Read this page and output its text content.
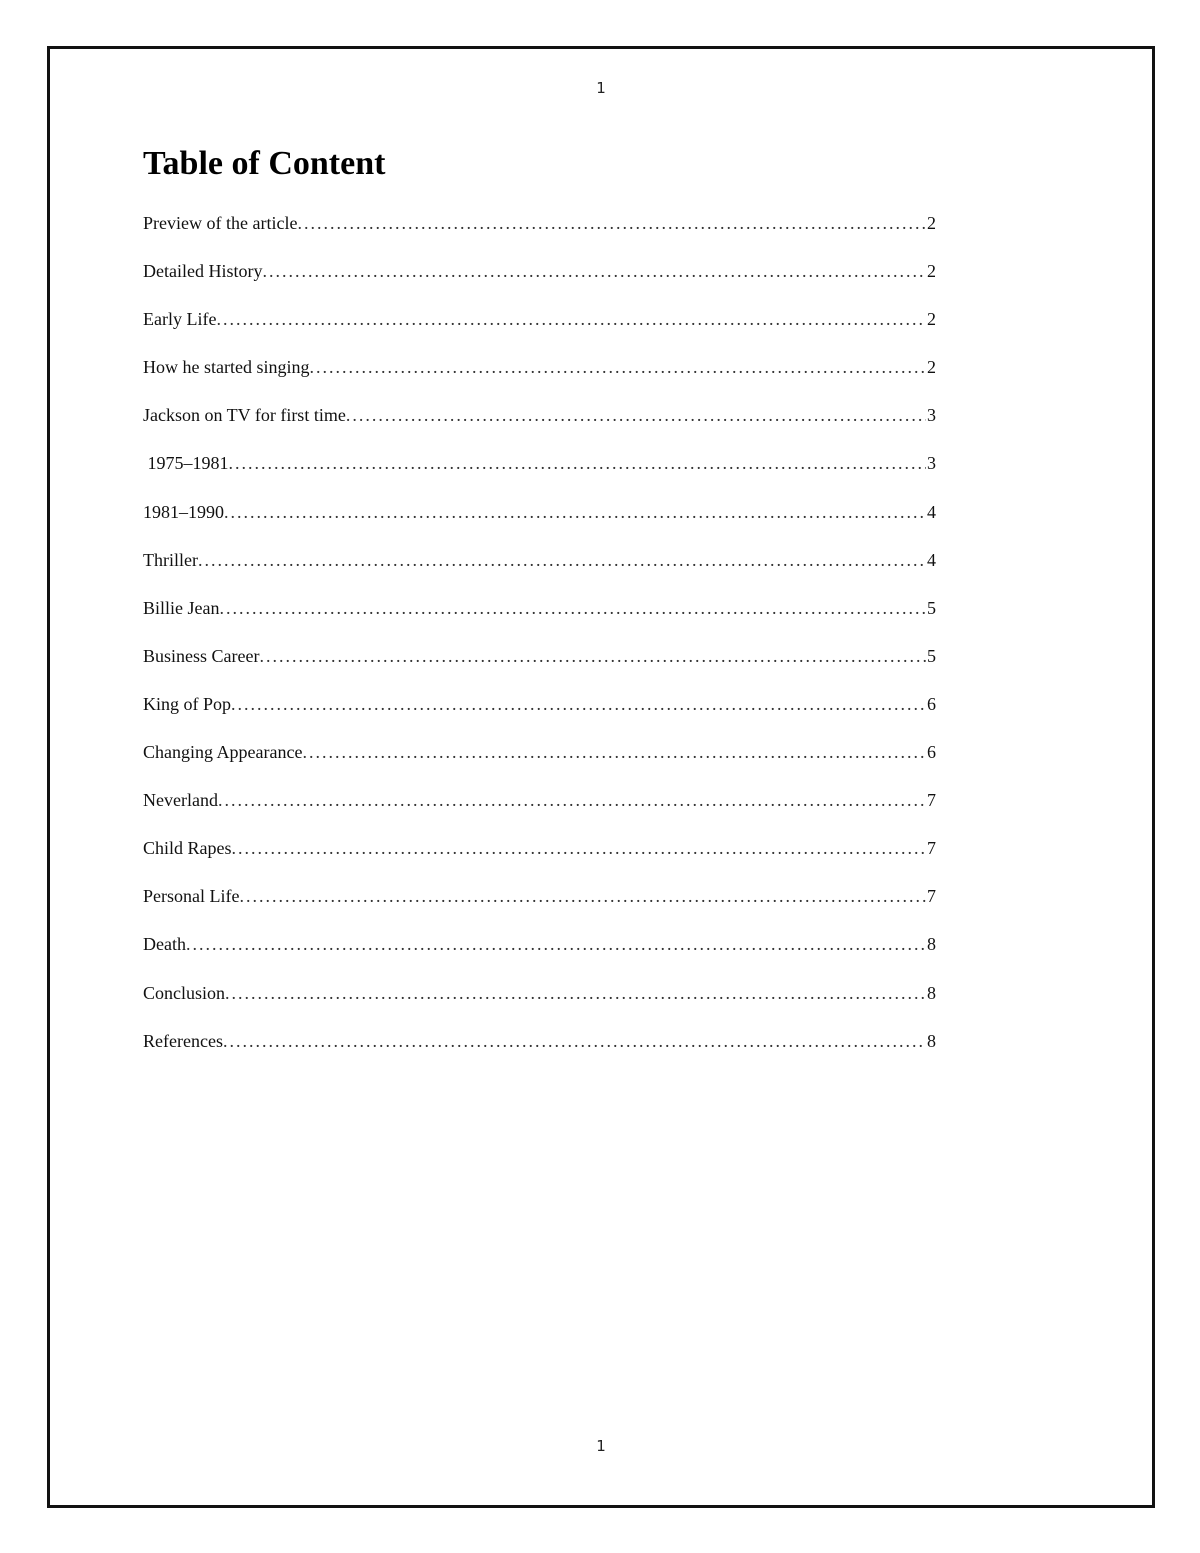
1
Table of Content
Preview of the article .....	2
Detailed History .....	2
Early Life .....	2
How he started singing .....	2
Jackson on TV for first time .....	3
1975–1981 .....	3
1981–1990 .....	4
Thriller .....	4
Billie Jean .....	5
Business Career .....	5
King of Pop .....	6
Changing Appearance .....	6
Neverland .....	7
Child Rapes .....	7
Personal Life .....	7
Death .....	8
Conclusion .....	8
References .....	8
1
